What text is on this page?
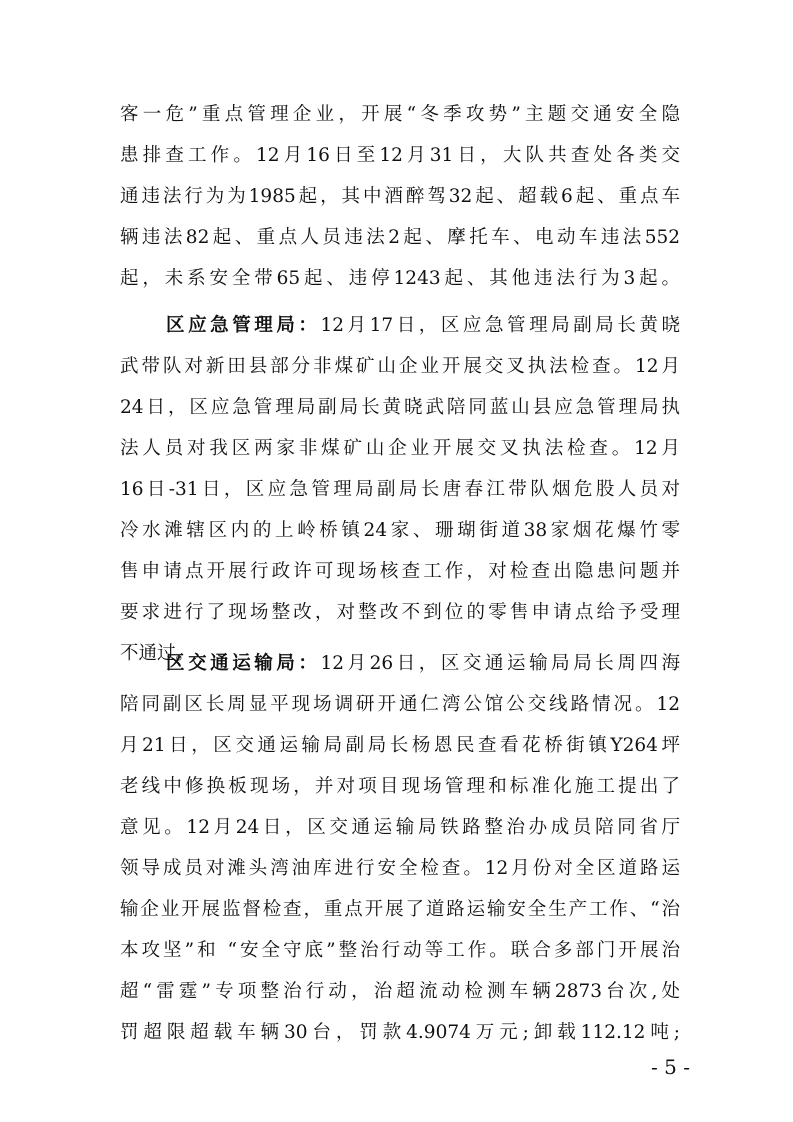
客一危”重点管理企业，开展“冬季攻势”主题交通安全隐
患排查工作。12月16日至12月31日，大队共查处各类交
通违法行为为1985起，其中酒醉驾32起、超载6起、重点车
辆违法82起、重点人员违法2起、摩托车、电动车违法552
起，未系安全带65起、违停1243起、其他违法行为3起。
区应急管理局：12月17日，区应急管理局副局长黄晓
武带队对新田县部分非煤矿山企业开展交叉执法检查。12月
24日，区应急管理局副局长黄晓武陪同蓝山县应急管理局执
法人员对我区两家非煤矿山企业开展交叉执法检查。12月
16日-31日，区应急管理局副局长唐春江带队烟危股人员对
冷水滩辖区内的上岭桥镇24家、珊瑚街道38家烟花爆竹零
售申请点开展行政许可现场核查工作，对检查出隐患问题并
要求进行了现场整改，对整改不到位的零售申请点给予受理
不通过。
区交通运输局：12月26日，区交通运输局局长周四海
陪同副区长周显平现场调研开通仁湾公馆公交线路情况。12
月21日，区交通运输局副局长杨恩民查看花桥街镇Y264坪
老线中修换板现场，并对项目现场管理和标准化施工提出了
意见。12月24日，区交通运输局铁路整治办成员陪同省厅
领导成员对滩头湾油库进行安全检查。12月份对全区道路运
输企业开展监督检查，重点开展了道路运输安全生产工作、“治
本攻坚”和 “安全守底”整治行动等工作。联合多部门开展治
超“雷霆”专项整治行动，治超流动检测车辆2873台次,处
罚超限超载车辆30台，罚款4.9074万元;卸载112.12吨;
- 5 -
